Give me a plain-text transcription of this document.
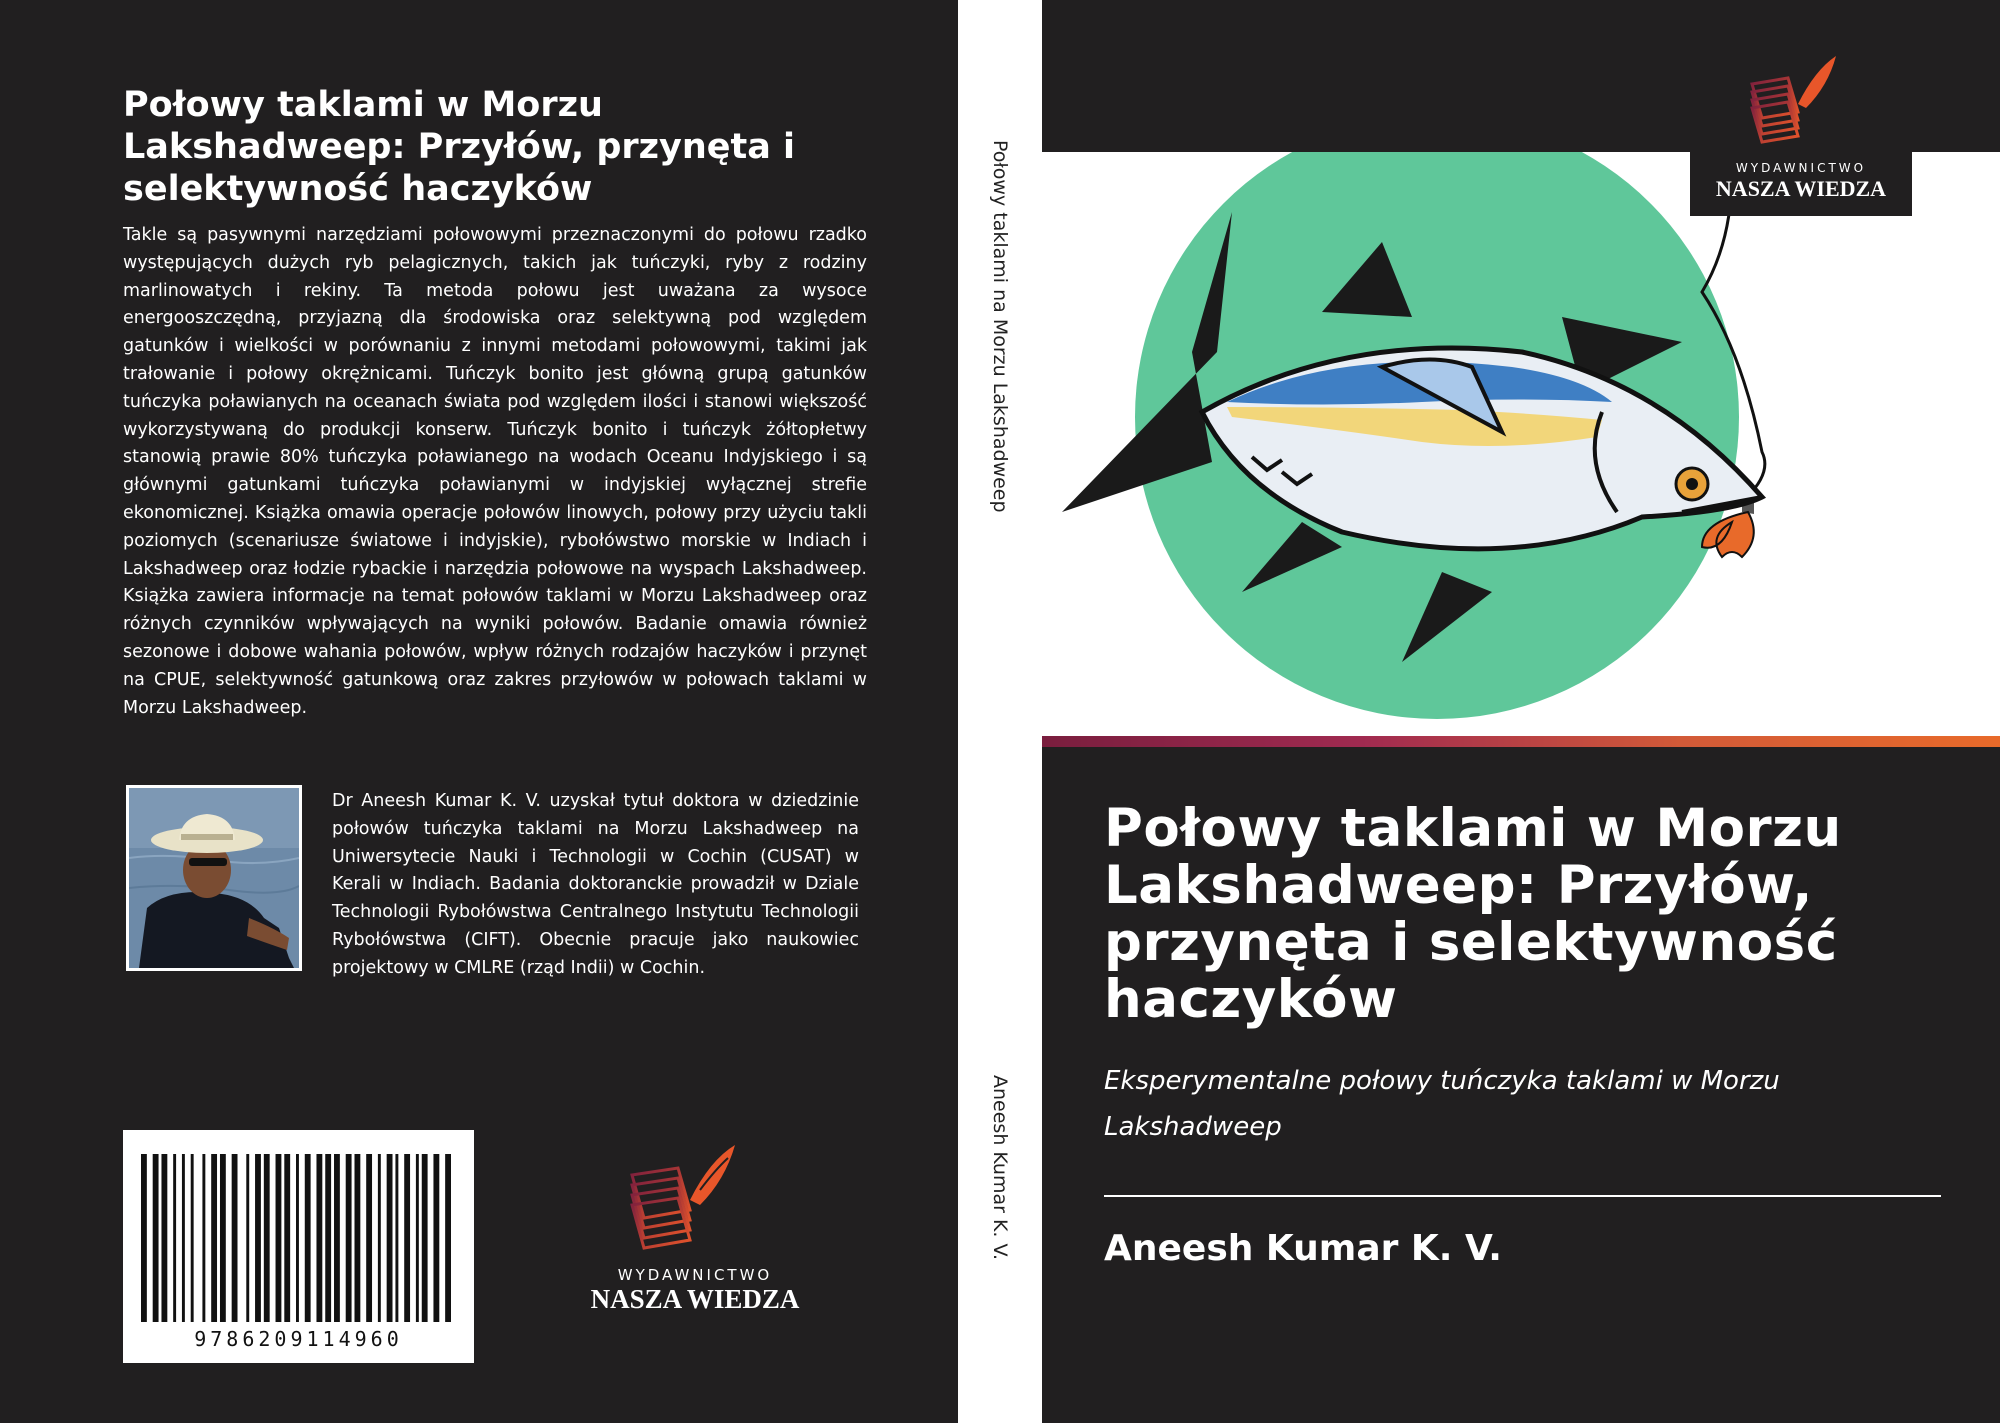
Połowy taklami w Morzu Lakshadweep: Przyłów, przynęta i selektywność haczyków

Takle są pasywnymi narzędziami połowowymi przeznaczonymi do połowu rzadko występujących dużych ryb pelagicznych, takich jak tuńczyki, ryby z rodziny marlinowatych i rekiny. Ta metoda połowu jest uważana za wysoce energooszczędną, przyjazną dla środowiska oraz selektywną pod względem gatunków i wielkości w porównaniu z innymi metodami połowowymi, takimi jak trałowanie i połowy okrężnicami. Tuńczyk bonito jest główną grupą gatunków tuńczyka poławianych na oceanach świata pod względem ilości i stanowi większość wykorzystywaną do produkcji konserw. Tuńczyk bonito i tuńczyk żółtopłetwy stanowią prawie 80% tuńczyka poławianego na wodach Oceanu Indyjskiego i są głównymi gatunkami tuńczyka poławianymi w indyjskiej wyłącznej strefie ekonomicznej. Książka omawia operacje połowów linowych, połowy przy użyciu takli poziomych (scenariusze światowe i indyjskie), rybołówstwo morskie w Indiach i Lakshadweep oraz łodzie rybackie i narzędzia połowowe na wyspach Lakshadweep. Książka zawiera informacje na temat połowów taklami w Morzu Lakshadweep oraz różnych czynników wpływających na wyniki połowów. Badanie omawia również sezonowe i dobowe wahania połowów, wpływ różnych rodzajów haczyków i przynęt na CPUE, selektywność gatunkową oraz zakres przyłowów w połowach taklami w Morzu Lakshadweep.

Dr Aneesh Kumar K. V. uzyskał tytuł doktora w dziedzinie połowów tuńczyka taklami na Morzu Lakshadweep na Uniwersytecie Nauki i Technologii w Cochin (CUSAT) w Kerali w Indiach. Badania doktoranckie prowadził w Dziale Technologii Rybołówstwa Centralnego Instytutu Technologii Rybołówstwa (CIFT). Obecnie pracuje jako naukowiec projektowy w CMLRE (rząd Indii) w Cochin.

9786209114960
WYDAWNICTWO
NASZA WIEDZA
Połowy taklami na Morzu Lakshadweep
Aneesh Kumar K. V.
WYDAWNICTWO
NASZA WIEDZA
Połowy taklami w Morzu Lakshadweep: Przyłów, przynęta i selektywność haczyków

Eksperymentalne połowy tuńczyka taklami w Morzu Lakshadweep

Aneesh Kumar K. V.
